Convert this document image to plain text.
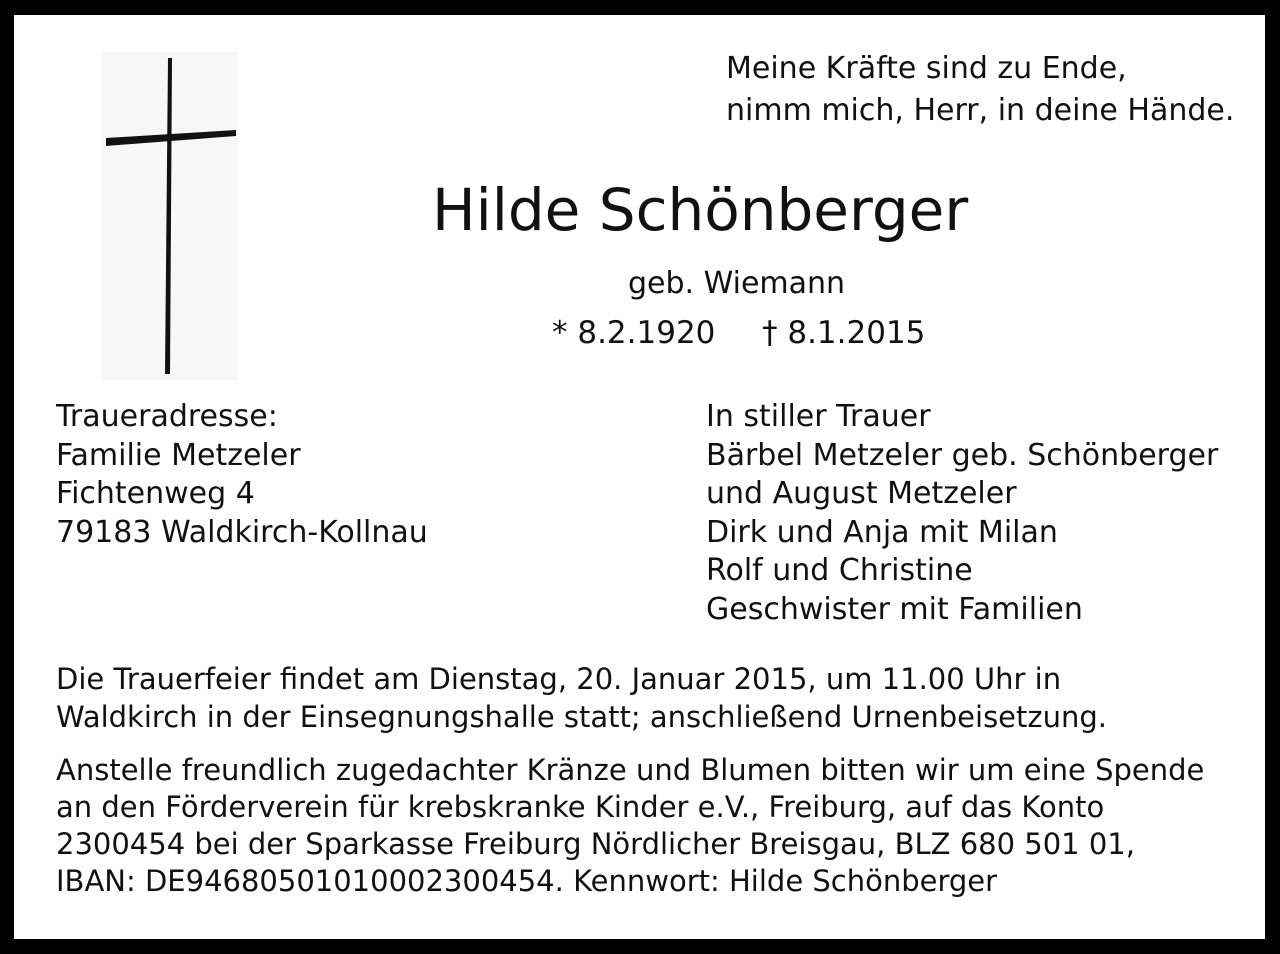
Meine Kräfte sind zu Ende,
nimm mich, Herr, in deine Hände.
Hilde Schönberger
geb. Wiemann
* 8.2.1920 † 8.1.2015
Traueradresse:
Familie Metzeler
Fichtenweg 4
79183 Waldkirch-Kollnau
In stiller Trauer
Bärbel Metzeler geb. Schönberger
und August Metzeler
Dirk und Anja mit Milan
Rolf und Christine
Geschwister mit Familien
Die Trauerfeier findet am Dienstag, 20. Januar 2015, um 11.00 Uhr in
Waldkirch in der Einsegnungshalle statt; anschließend Urnenbeisetzung.
Anstelle freundlich zugedachter Kränze und Blumen bitten wir um eine Spende
an den Förderverein für krebskranke Kinder e.V., Freiburg, auf das Konto
2300454 bei der Sparkasse Freiburg Nördlicher Breisgau, BLZ 680 501 01,
IBAN: DE94680501010002300454. Kennwort: Hilde Schönberger
